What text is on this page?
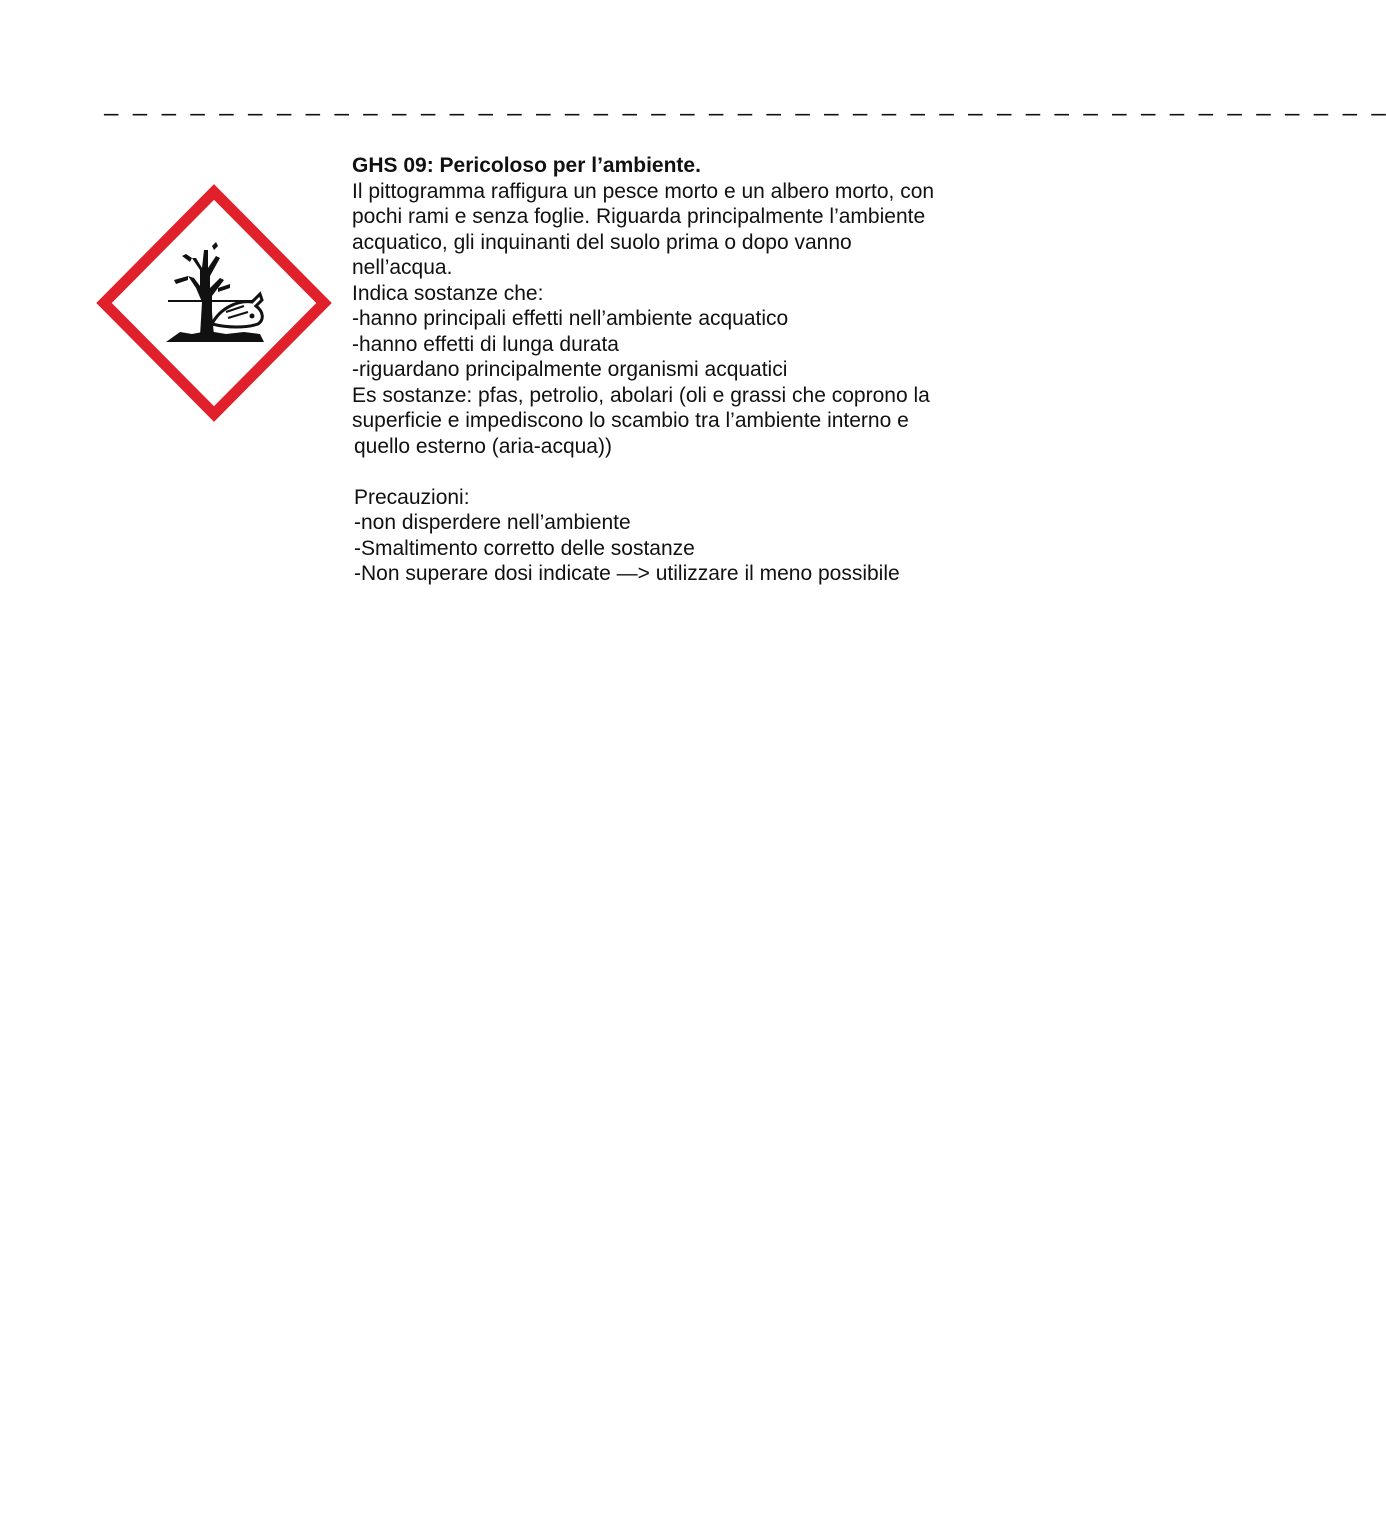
— — — — — — — — — — — — — — — — — — — — — — — — — — — — — — — — — — — — — — — — — — — — —
GHS 09: Pericoloso per l’ambiente.
Il pittogramma raffigura un pesce morto e un albero morto, con
pochi rami e senza foglie. Riguarda principalmente l’ambiente
acquatico, gli inquinanti del suolo prima o dopo vanno
nell’acqua.
Indica sostanze che:
-hanno principali effetti nell’ambiente acquatico
-hanno effetti di lunga durata
-riguardano principalmente organismi acquatici
Es sostanze: pfas, petrolio, abolari (oli e grassi che coprono la
superficie e impediscono lo scambio tra l’ambiente interno e
quello esterno (aria-acqua))
Precauzioni:
-non disperdere nell’ambiente
-Smaltimento corretto delle sostanze
-Non superare dosi indicate —> utilizzare il meno possibile
